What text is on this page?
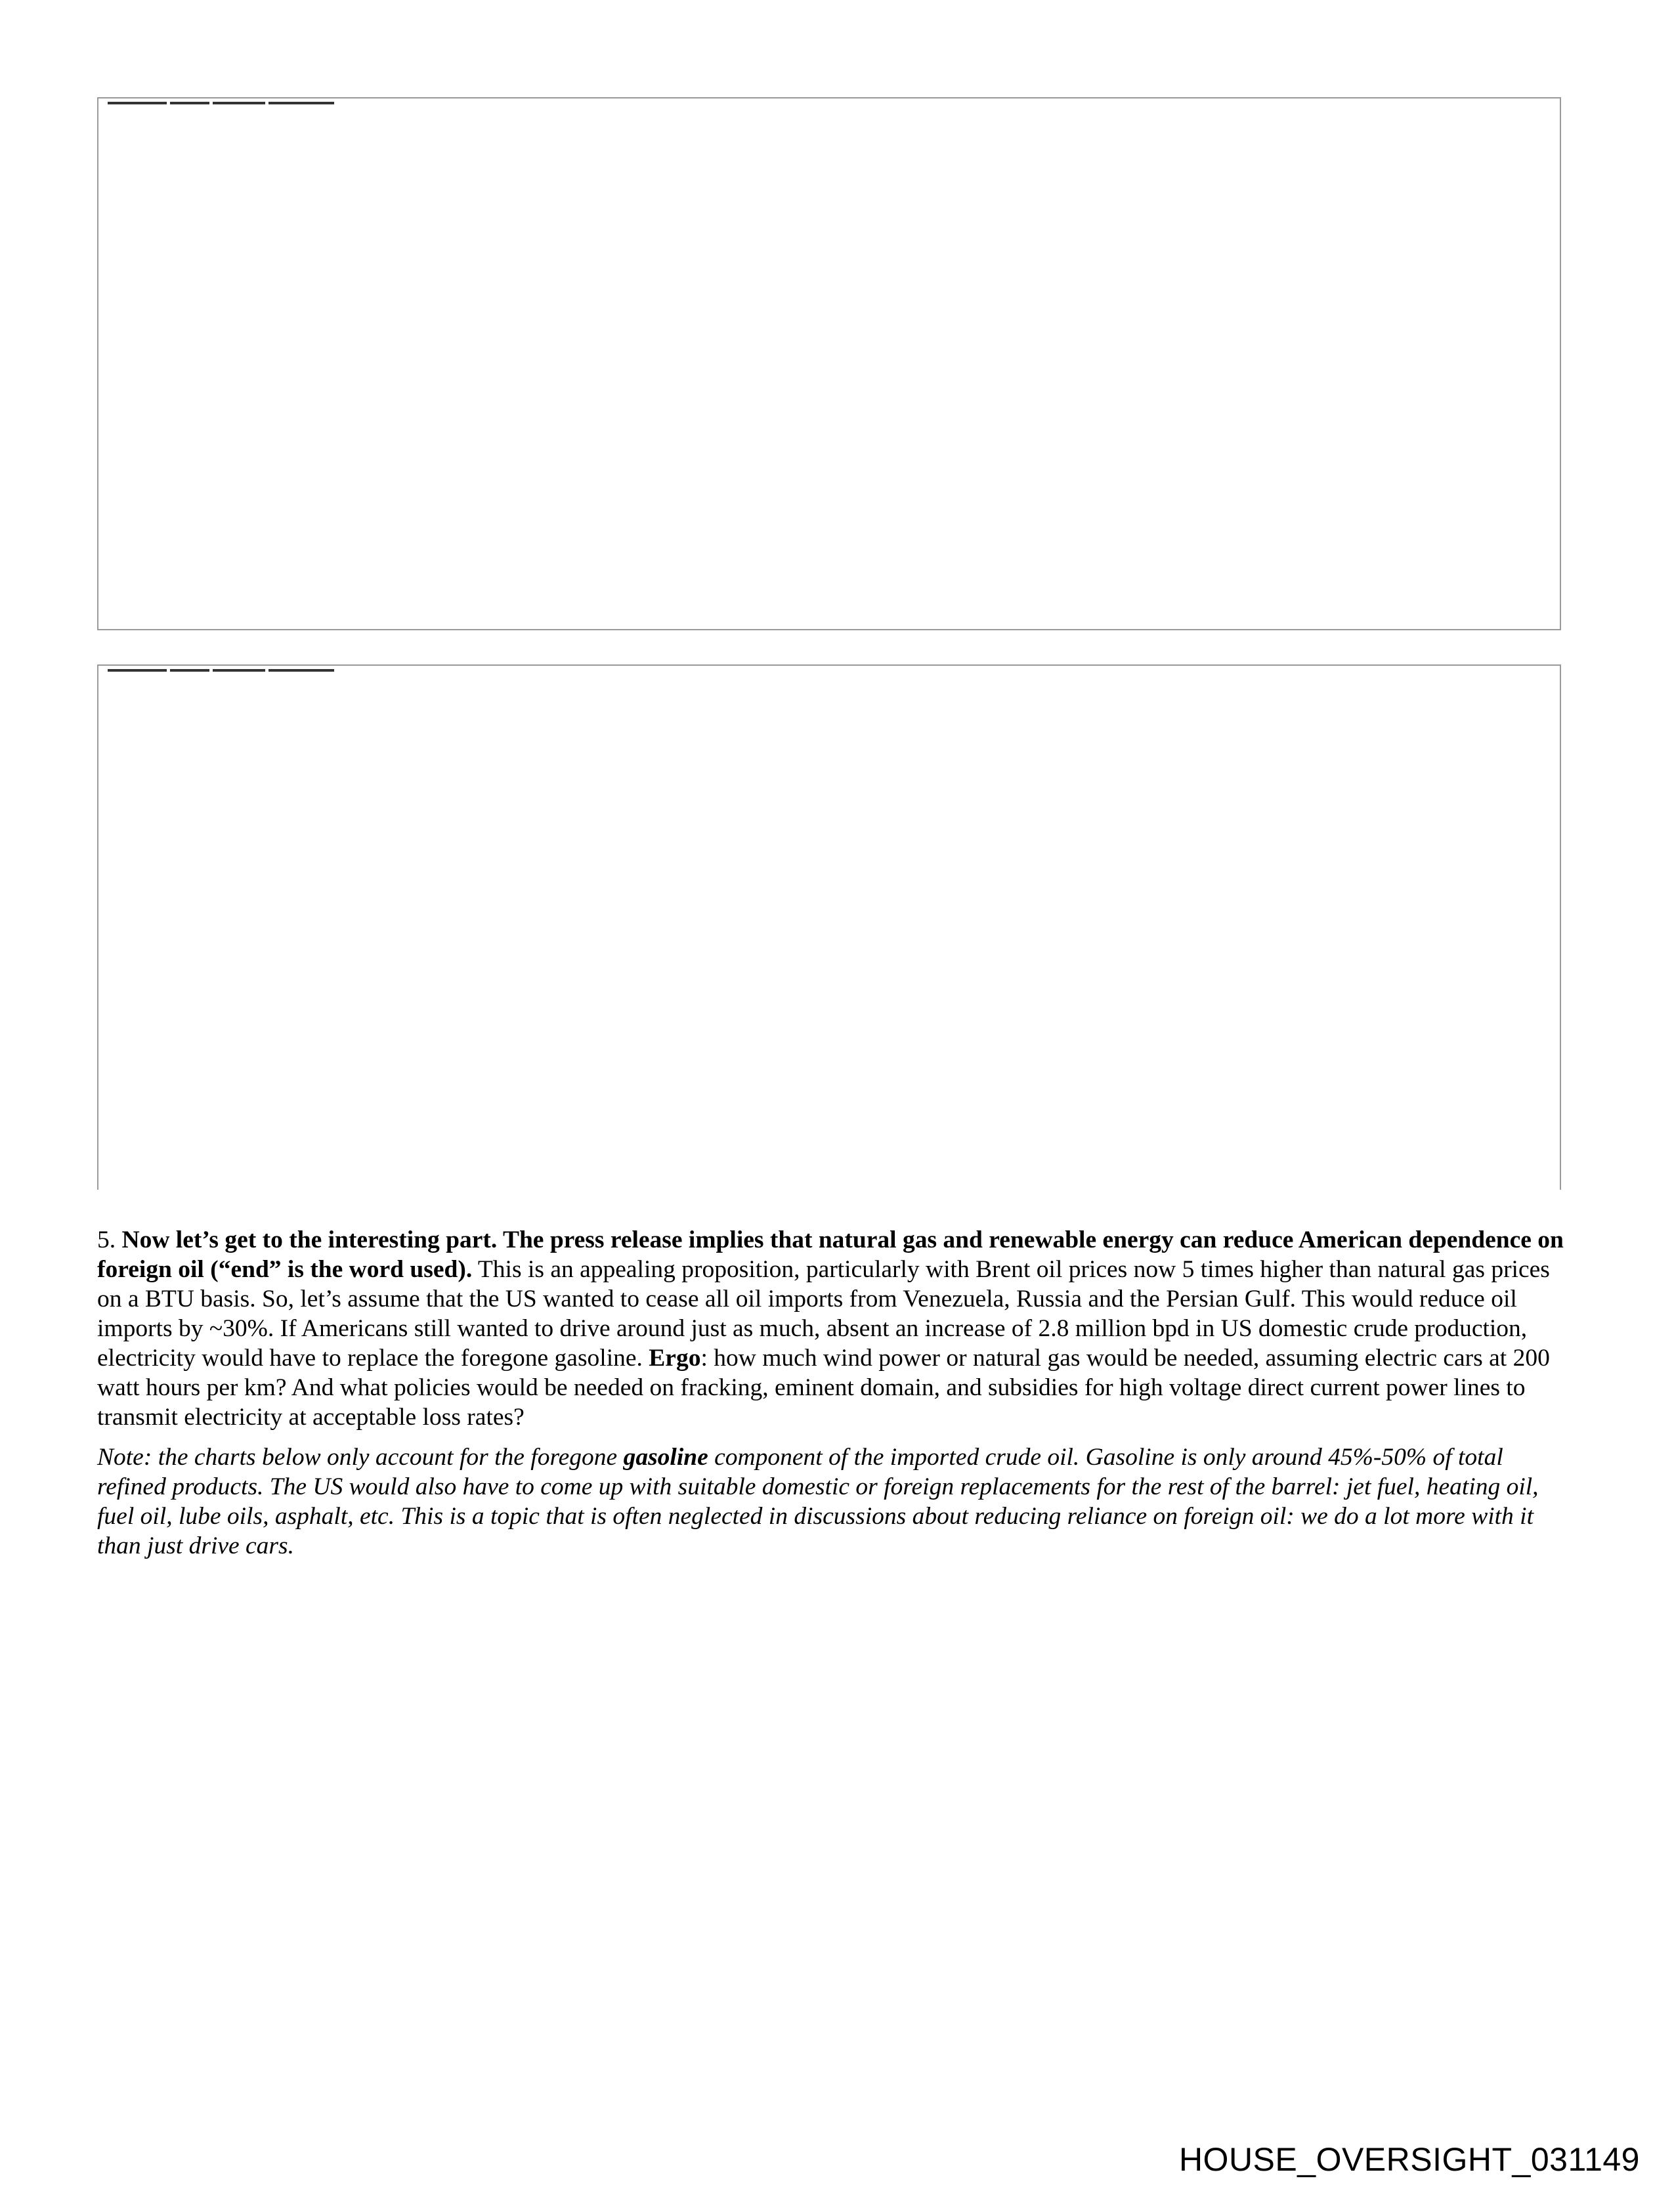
5. Now let’s get to the interesting part. The press release implies that natural gas and renewable energy can reduce American dependence on foreign oil (“end” is the word used). This is an appealing proposition, particularly with Brent oil prices now 5 times higher than natural gas prices on a BTU basis. So, let’s assume that the US wanted to cease all oil imports from Venezuela, Russia and the Persian Gulf. This would reduce oil imports by ~30%. If Americans still wanted to drive around just as much, absent an increase of 2.8 million bpd in US domestic crude production, electricity would have to replace the foregone gasoline. Ergo: how much wind power or natural gas would be needed, assuming electric cars at 200 watt hours per km? And what policies would be needed on fracking, eminent domain, and subsidies for high voltage direct current power lines to transmit electricity at acceptable loss rates?

Note: the charts below only account for the foregone gasoline component of the imported crude oil. Gasoline is only around 45%-50% of total refined products. The US would also have to come up with suitable domestic or foreign replacements for the rest of the barrel: jet fuel, heating oil, fuel oil, lube oils, asphalt, etc. This is a topic that is often neglected in discussions about reducing reliance on foreign oil: we do a lot more with it than just drive cars.

HOUSE_OVERSIGHT_031149
